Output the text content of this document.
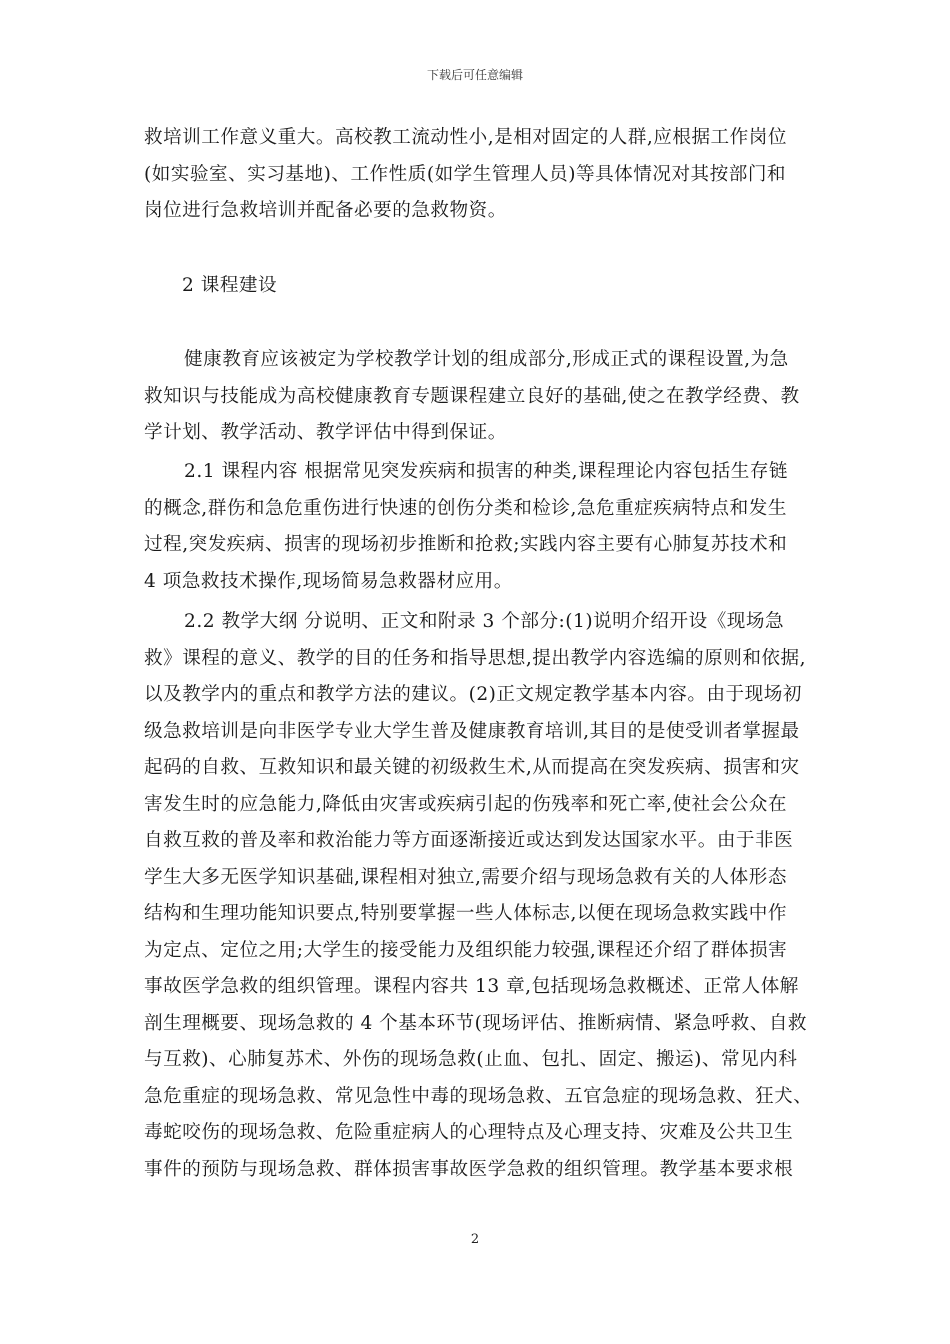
下载后可任意编辑
救培训工作意义重大。高校教工流动性小,是相对固定的人群,应根据工作岗位
(如实验室、实习基地)、工作性质(如学生管理人员)等具体情况对其按部门和
岗位进行急救培训并配备必要的急救物资。
2 课程建设
健康教育应该被定为学校教学计划的组成部分,形成正式的课程设置,为急
救知识与技能成为高校健康教育专题课程建立良好的基础,使之在教学经费、教
学计划、教学活动、教学评估中得到保证。
2.1 课程内容 根据常见突发疾病和损害的种类,课程理论内容包括生存链
的概念,群伤和急危重伤进行快速的创伤分类和检诊,急危重症疾病特点和发生
过程,突发疾病、损害的现场初步推断和抢救;实践内容主要有心肺复苏技术和
4 项急救技术操作,现场简易急救器材应用。
2.2 教学大纲 分说明、正文和附录 3 个部分:(1)说明介绍开设《现场急
救》课程的意义、教学的目的任务和指导思想,提出教学内容选编的原则和依据,
以及教学内的重点和教学方法的建议。(2)正文规定教学基本内容。由于现场初
级急救培训是向非医学专业大学生普及健康教育培训,其目的是使受训者掌握最
起码的自救、互救知识和最关键的初级救生术,从而提高在突发疾病、损害和灾
害发生时的应急能力,降低由灾害或疾病引起的伤残率和死亡率,使社会公众在
自救互救的普及率和救治能力等方面逐渐接近或达到发达国家水平。由于非医
学生大多无医学知识基础,课程相对独立,需要介绍与现场急救有关的人体形态
结构和生理功能知识要点,特别要掌握一些人体标志,以便在现场急救实践中作
为定点、定位之用;大学生的接受能力及组织能力较强,课程还介绍了群体损害
事故医学急救的组织管理。课程内容共 13 章,包括现场急救概述、正常人体解
剖生理概要、现场急救的 4 个基本环节(现场评估、推断病情、紧急呼救、自救
与互救)、心肺复苏术、外伤的现场急救(止血、包扎、固定、搬运)、常见内科
急危重症的现场急救、常见急性中毒的现场急救、五官急症的现场急救、狂犬、
毒蛇咬伤的现场急救、危险重症病人的心理特点及心理支持、灾难及公共卫生
事件的预防与现场急救、群体损害事故医学急救的组织管理。教学基本要求根
2
